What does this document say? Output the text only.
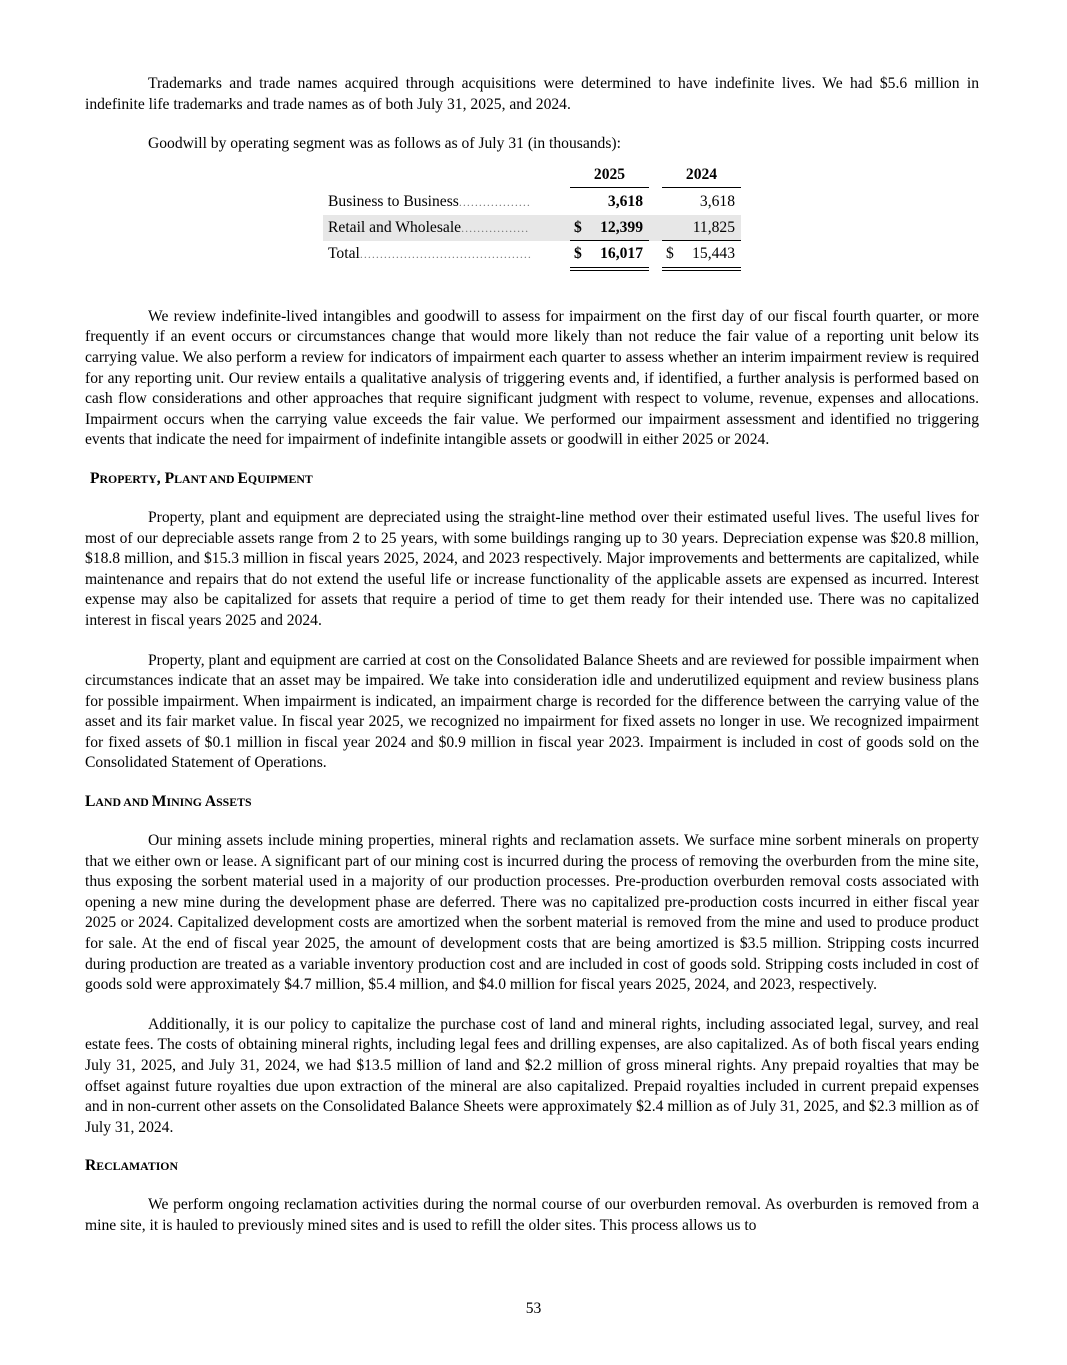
Trademarks and trade names acquired through acquisitions were determined to have indefinite lives. We had $5.6 million in indefinite life trademarks and trade names as of both July 31, 2025, and 2024.

Goodwill by operating segment was as follows as of July 31 (in thousands):

We review indefinite-lived intangibles and goodwill to assess for impairment on the first day of our fiscal fourth quarter, or more frequently if an event occurs or circumstances change that would more likely than not reduce the fair value of a reporting unit below its carrying value. We also perform a review for indicators of impairment each quarter to assess whether an interim impairment review is required for any reporting unit. Our review entails a qualitative analysis of triggering events and, if identified, a further analysis is performed based on cash flow considerations and other approaches that require significant judgment with respect to volume, revenue, expenses and allocations. Impairment occurs when the carrying value exceeds the fair value. We performed our impairment assessment and identified no triggering events that indicate the need for impairment of indefinite intangible assets or goodwill in either 2025 or 2024.

PROPERTY, PLANT AND EQUIPMENT

Property, plant and equipment are depreciated using the straight-line method over their estimated useful lives. The useful lives for most of our depreciable assets range from 2 to 25 years, with some buildings ranging up to 30 years. Depreciation expense was $20.8 million, $18.8 million, and $15.3 million in fiscal years 2025, 2024, and 2023 respectively. Major improvements and betterments are capitalized, while maintenance and repairs that do not extend the useful life or increase functionality of the applicable assets are expensed as incurred. Interest expense may also be capitalized for assets that require a period of time to get them ready for their intended use. There was no capitalized interest in fiscal years 2025 and 2024.

Property, plant and equipment are carried at cost on the Consolidated Balance Sheets and are reviewed for possible impairment when circumstances indicate that an asset may be impaired. We take into consideration idle and underutilized equipment and review business plans for possible impairment. When impairment is indicated, an impairment charge is recorded for the difference between the carrying value of the asset and its fair market value. In fiscal year 2025, we recognized no impairment for fixed assets no longer in use. We recognized impairment for fixed assets of $0.1 million in fiscal year 2024 and $0.9 million in fiscal year 2023. Impairment is included in cost of goods sold on the Consolidated Statement of Operations.

LAND AND MINING ASSETS

Our mining assets include mining properties, mineral rights and reclamation assets. We surface mine sorbent minerals on property that we either own or lease. A significant part of our mining cost is incurred during the process of removing the overburden from the mine site, thus exposing the sorbent material used in a majority of our production processes. Pre-production overburden removal costs associated with opening a new mine during the development phase are deferred. There was no capitalized pre-production costs incurred in either fiscal year 2025 or 2024. Capitalized development costs are amortized when the sorbent material is removed from the mine and used to produce product for sale. At the end of fiscal year 2025, the amount of development costs that are being amortized is $3.5 million. Stripping costs incurred during production are treated as a variable inventory production cost and are included in cost of goods sold. Stripping costs included in cost of goods sold were approximately $4.7 million, $5.4 million, and $4.0 million for fiscal years 2025, 2024, and 2023, respectively.

Additionally, it is our policy to capitalize the purchase cost of land and mineral rights, including associated legal, survey, and real estate fees. The costs of obtaining mineral rights, including legal fees and drilling expenses, are also capitalized. As of both fiscal years ending July 31, 2025, and July 31, 2024, we had $13.5 million of land and $2.2 million of gross mineral rights. Any prepaid royalties that may be offset against future royalties due upon extraction of the mineral are also capitalized. Prepaid royalties included in current prepaid expenses and in non-current other assets on the Consolidated Balance Sheets were approximately $2.4 million as of July 31, 2025, and $2.3 million as of July 31, 2024.

RECLAMATION

We perform ongoing reclamation activities during the normal course of our overburden removal. As overburden is removed from a mine site, it is hauled to previously mined sites and is used to refill the older sites. This process allows us to

2025	2024
Business to Business..................	3,618	3,618
Retail and Wholesale.................	$ 12,399	11,825
Total...........................................	$ 16,017	$ 15,443
53
